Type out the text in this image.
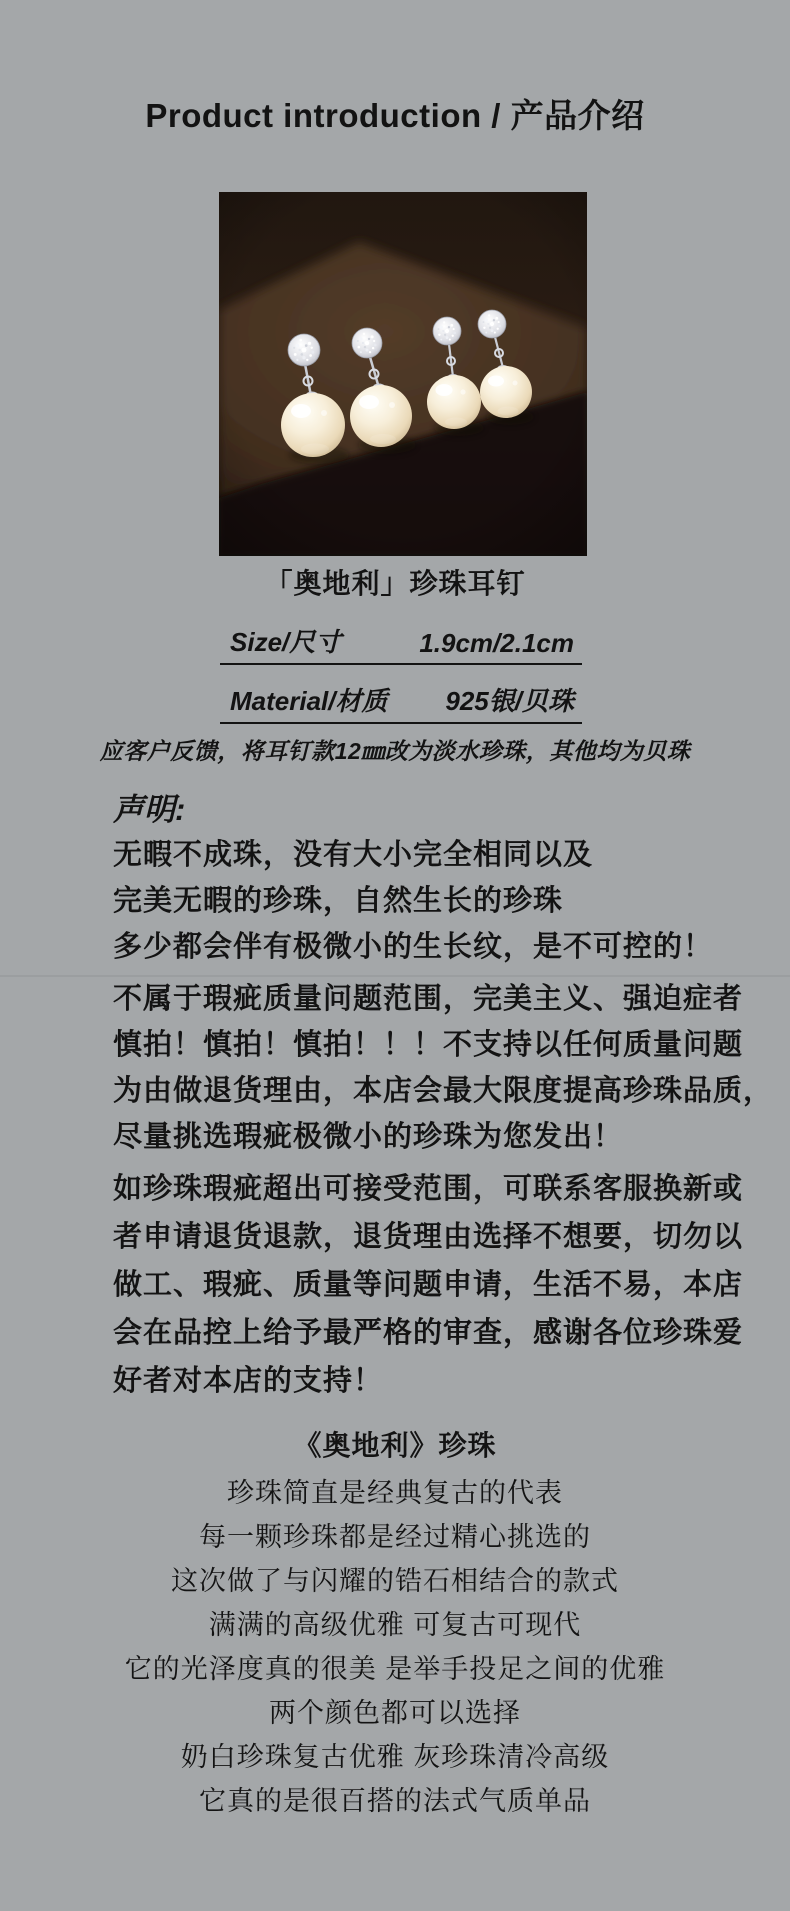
Product introduction / 产品介绍
「奥地利」珍珠耳钉
Size/尺寸	1.9cm/2.1cm
Material/材质 925银/贝珠
应客户反馈，将耳钉款12㎜改为淡水珍珠，其他均为贝珠
声明:
无暇不成珠，没有大小完全相同以及
完美无暇的珍珠，自然生长的珍珠
多少都会伴有极微小的生长纹，是不可控的！
不属于瑕疵质量问题范围，完美主义、强迫症者
慎拍！慎拍！慎拍！！！不支持以任何质量问题
为由做退货理由，本店会最大限度提高珍珠品质，
尽量挑选瑕疵极微小的珍珠为您发出！
如珍珠瑕疵超出可接受范围，可联系客服换新或
者申请退货退款，退货理由选择不想要，切勿以
做工、瑕疵、质量等问题申请，生活不易，本店
会在品控上给予最严格的审查，感谢各位珍珠爱
好者对本店的支持！
《奥地利》珍珠
珍珠简直是经典复古的代表
每一颗珍珠都是经过精心挑选的
这次做了与闪耀的锆石相结合的款式
满满的高级优雅 可复古可现代
它的光泽度真的很美 是举手投足之间的优雅
两个颜色都可以选择
奶白珍珠复古优雅 灰珍珠清冷高级
它真的是很百搭的法式气质单品
